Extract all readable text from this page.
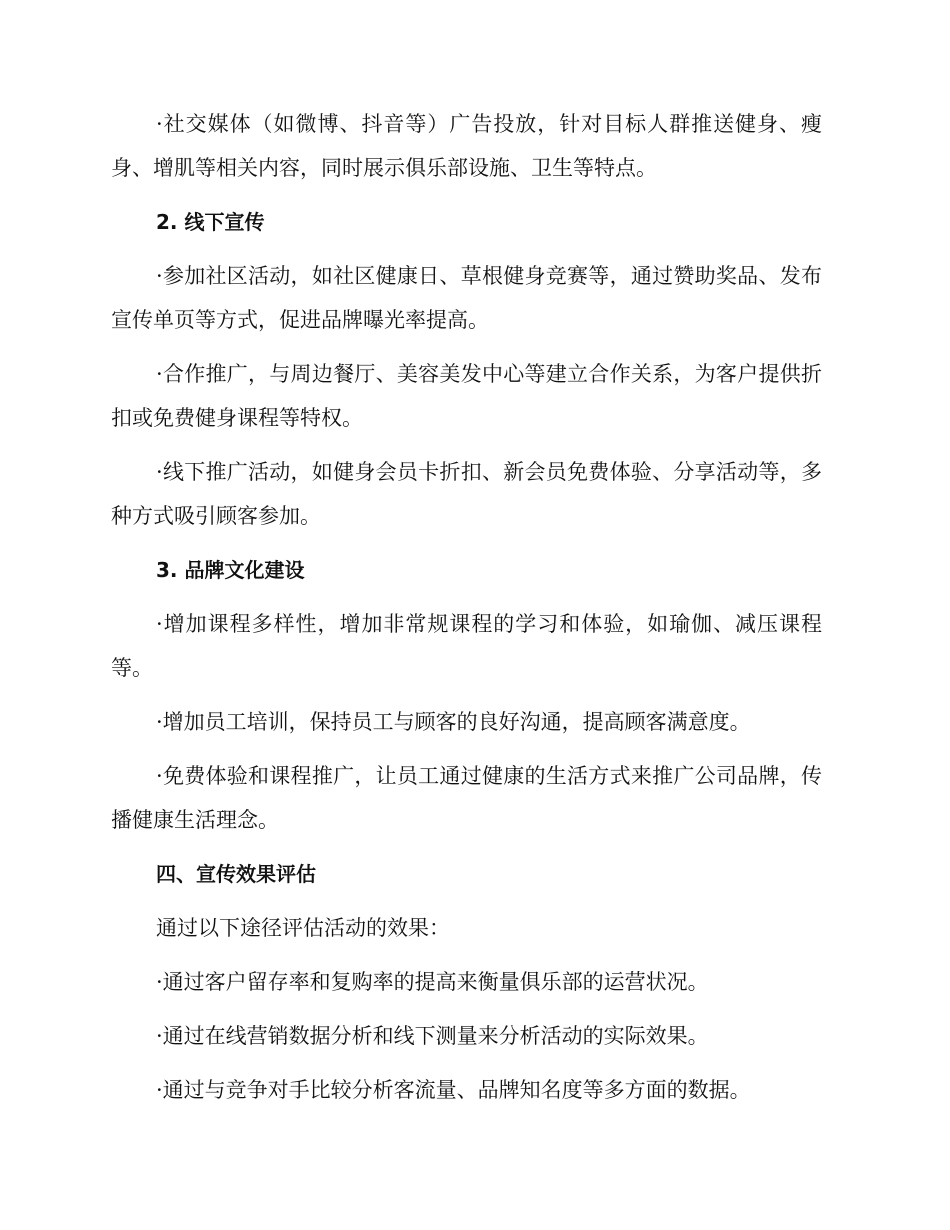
·社交媒体（如微博、抖音等）广告投放，针对目标人群推送健身、瘦身、增肌等相关内容，同时展示俱乐部设施、卫生等特点。

2. 线下宣传

·参加社区活动，如社区健康日、草根健身竞赛等，通过赞助奖品、发布宣传单页等方式，促进品牌曝光率提高。

·合作推广，与周边餐厅、美容美发中心等建立合作关系，为客户提供折扣或免费健身课程等特权。

·线下推广活动，如健身会员卡折扣、新会员免费体验、分享活动等，多种方式吸引顾客参加。

3. 品牌文化建设

·增加课程多样性，增加非常规课程的学习和体验，如瑜伽、减压课程等。

·增加员工培训，保持员工与顾客的良好沟通，提高顾客满意度。

·免费体验和课程推广，让员工通过健康的生活方式来推广公司品牌，传播健康生活理念。

四、宣传效果评估

通过以下途径评估活动的效果：

·通过客户留存率和复购率的提高来衡量俱乐部的运营状况。

·通过在线营销数据分析和线下测量来分析活动的实际效果。

·通过与竞争对手比较分析客流量、品牌知名度等多方面的数据。
